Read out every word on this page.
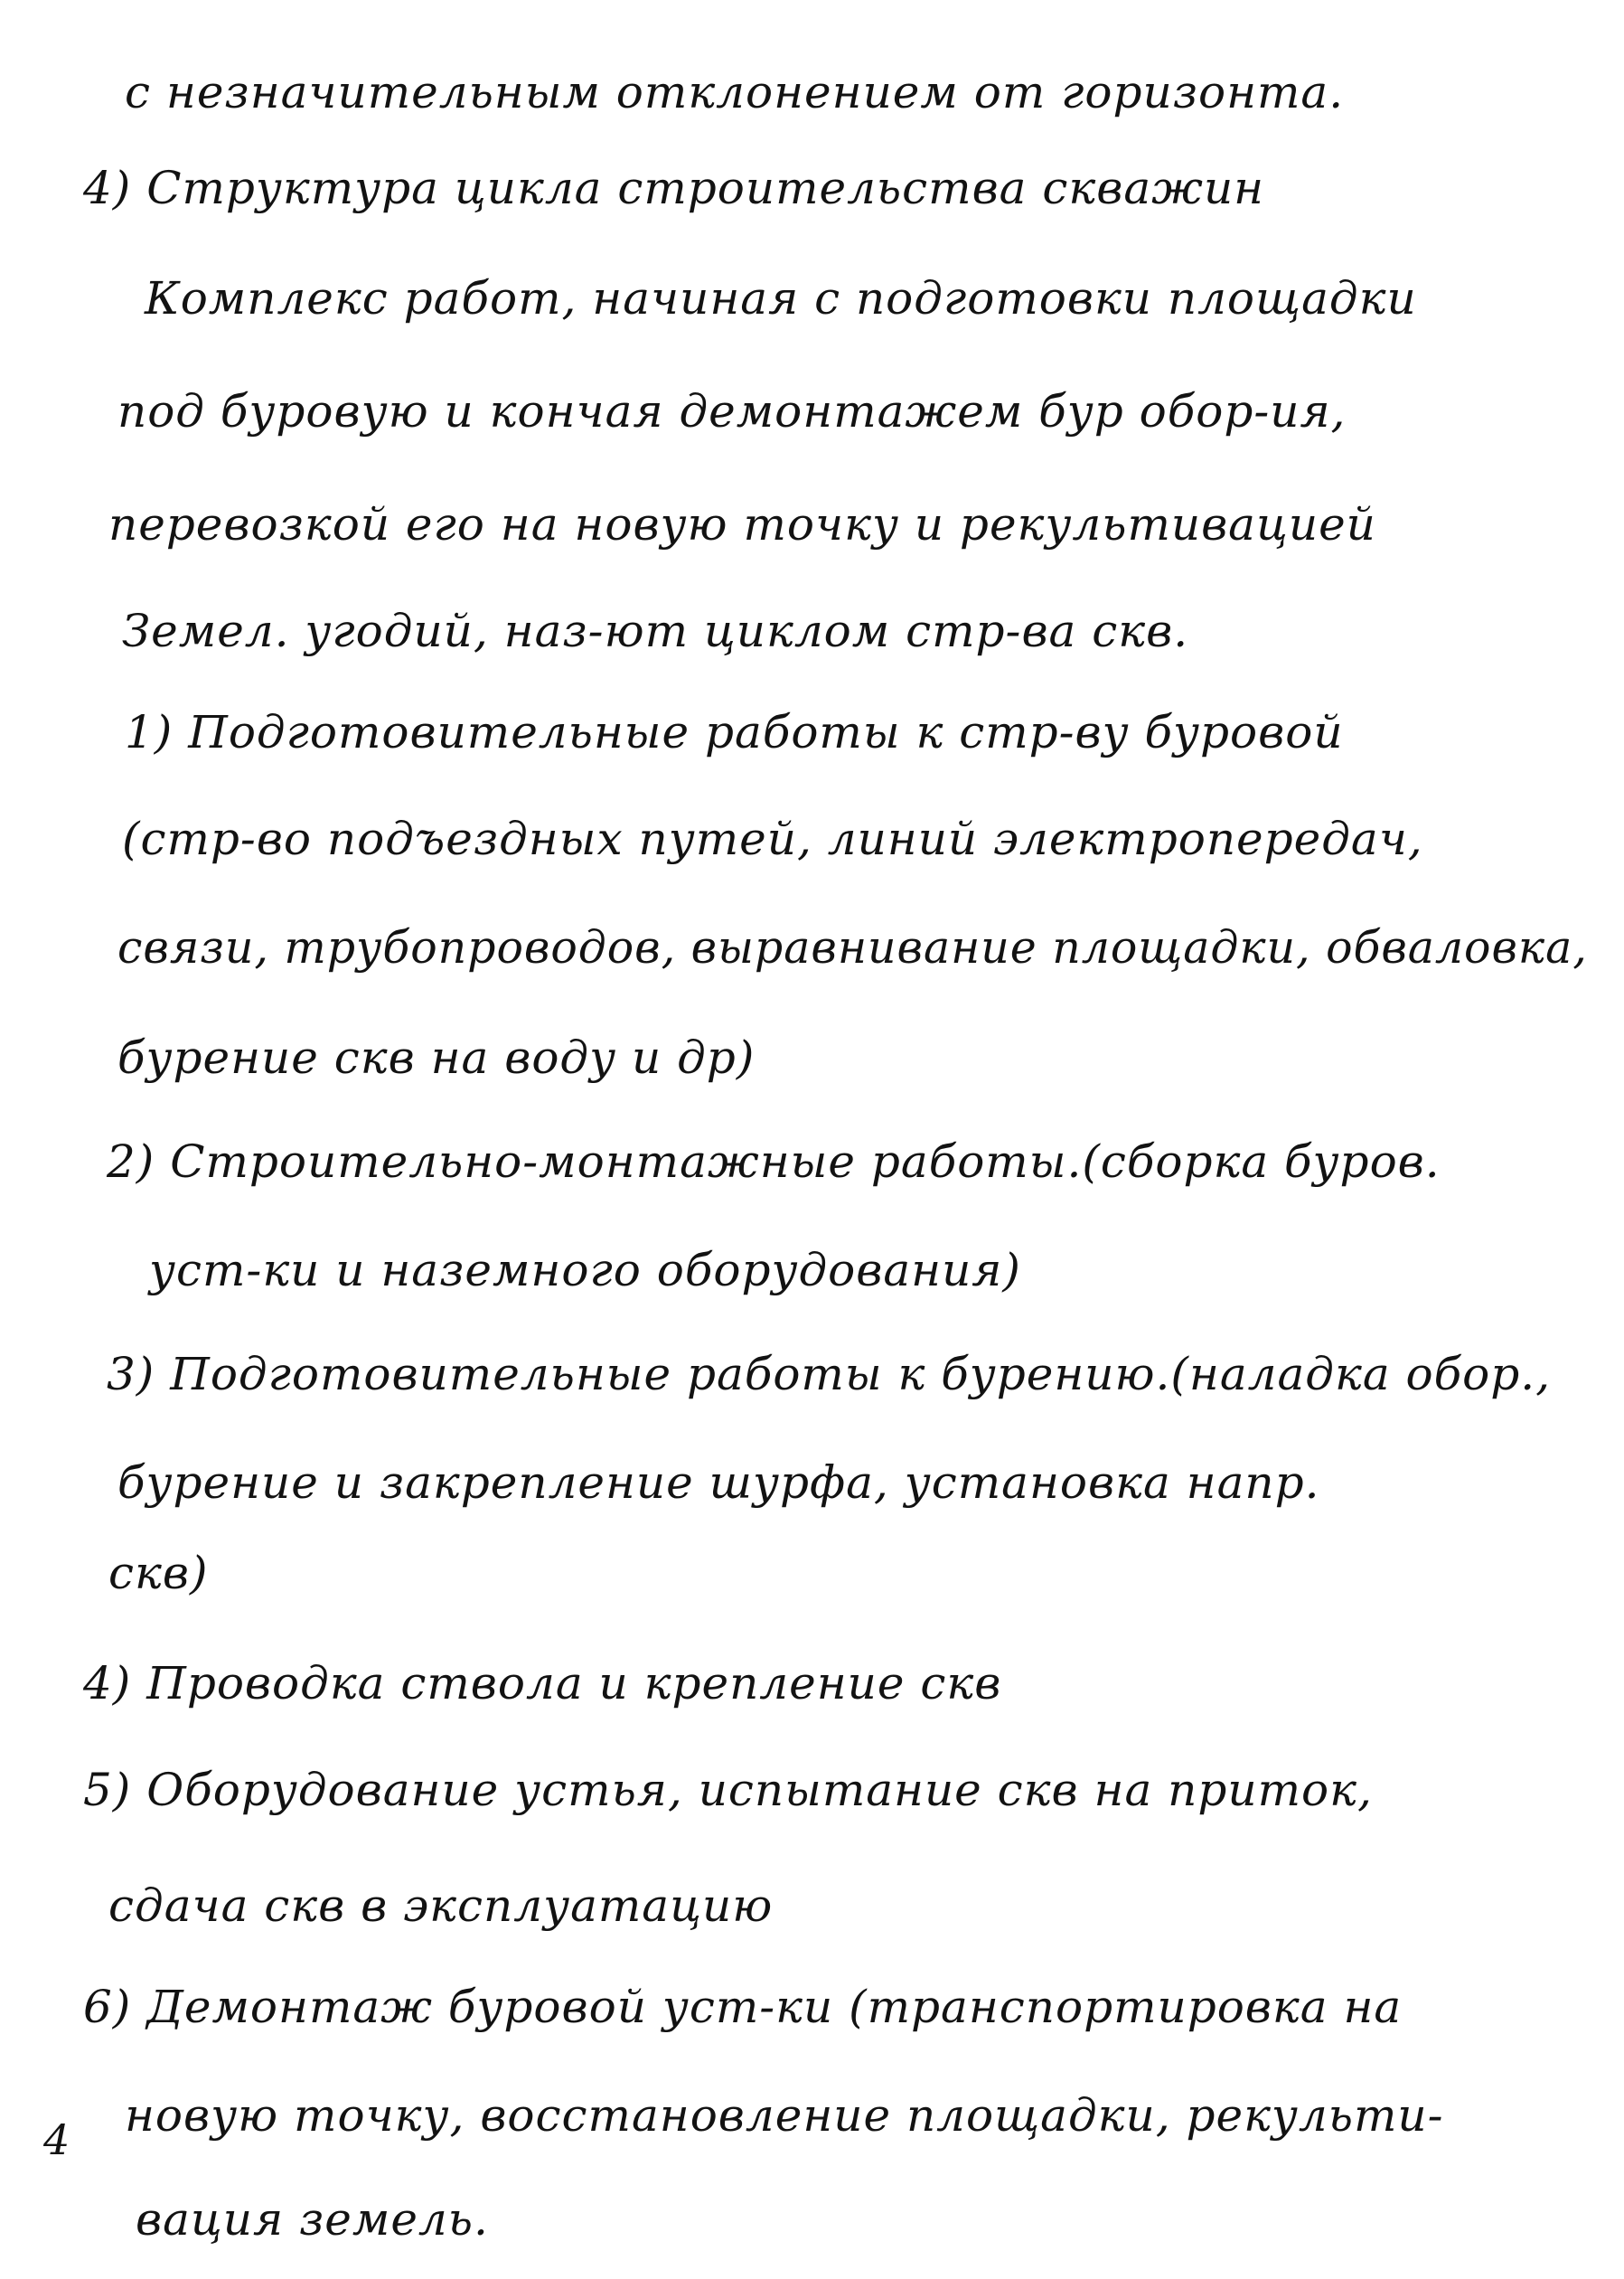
с незначительным отклонением от горизонта.
4) Структура цикла строительства скважин
Комплекс работ, начиная с подготовки площадки
под буровую и кончая демонтажем бур обор-ия,
перевозкой его на новую точку и рекультивацией
Земел. угодий, наз-ют циклом стр-ва скв.
1) Подготовительные работы к стр-ву буровой
(стр-во подъездных путей, линий электропередач,
связи, трубопроводов, выравнивание площадки, обваловка,
бурение скв на воду и др)
2) Строительно-монтажные работы.(сборка буров.
уст-ки и наземного оборудования)
3) Подготовительные работы к бурению.(наладка обор.,
бурение и закрепление шурфа, установка напр.
скв)
4) Проводка ствола и крепление скв
5) Оборудование устья, испытание скв на приток,
сдача скв в эксплуатацию
6) Демонтаж буровой уст-ки (транспортировка на
новую точку, восстановление площадки, рекульти-
вация земель.
4
